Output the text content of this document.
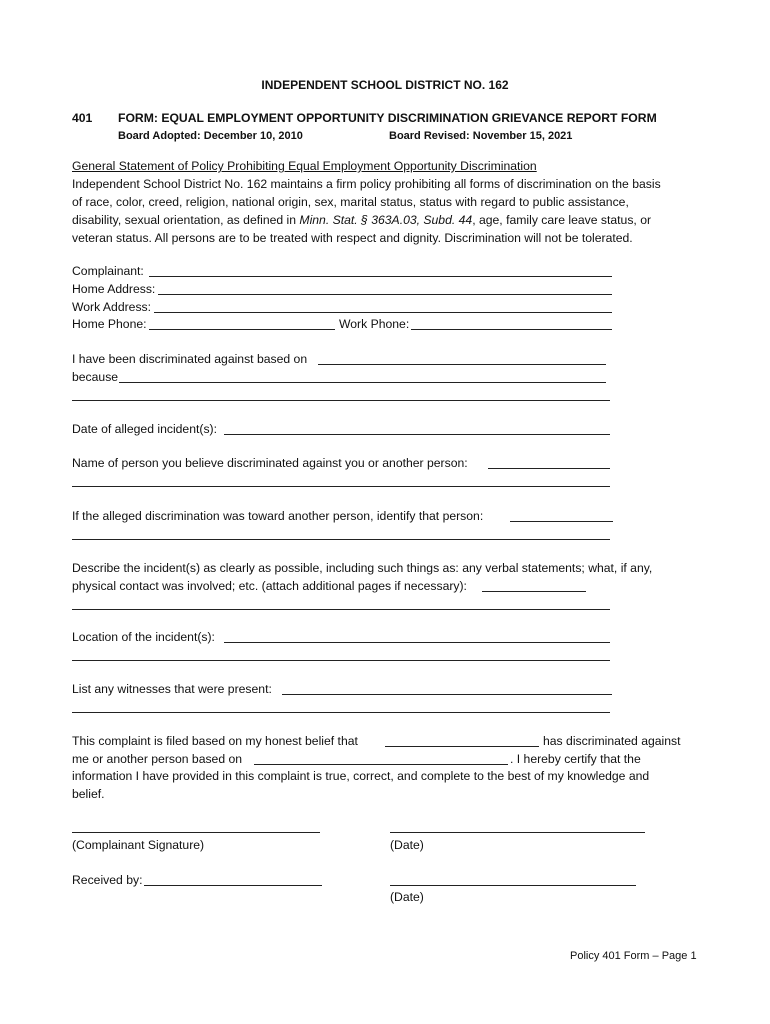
INDEPENDENT SCHOOL DISTRICT NO. 162
401 FORM: EQUAL EMPLOYMENT OPPORTUNITY DISCRIMINATION GRIEVANCE REPORT FORM
Board Adopted: December 10, 2010	Board Revised: November 15, 2021
General Statement of Policy Prohibiting Equal Employment Opportunity Discrimination
Independent School District No. 162 maintains a firm policy prohibiting all forms of discrimination on the basis
of race, color, creed, religion, national origin, sex, marital status, status with regard to public assistance,
disability, sexual orientation, as defined in Minn. Stat. § 363A.03, Subd. 44, age, family care leave status, or
veteran status. All persons are to be treated with respect and dignity. Discrimination will not be tolerated.
Complainant:
Home Address:
Work Address:
Home Phone:	Work Phone:
I have been discriminated against based on
because
Date of alleged incident(s):
Name of person you believe discriminated against you or another person:
If the alleged discrimination was toward another person, identify that person:
Describe the incident(s) as clearly as possible, including such things as: any verbal statements; what, if any,
physical contact was involved; etc. (attach additional pages if necessary):
Location of the incident(s):
List any witnesses that were present:
This complaint is filed based on my honest belief that	has discriminated against
me or another person based on	. I hereby certify that the
information I have provided in this complaint is true, correct, and complete to the best of my knowledge and
belief.
(Complainant Signature)	(Date)
Received by:
(Date)
Policy 401 Form – Page 1
